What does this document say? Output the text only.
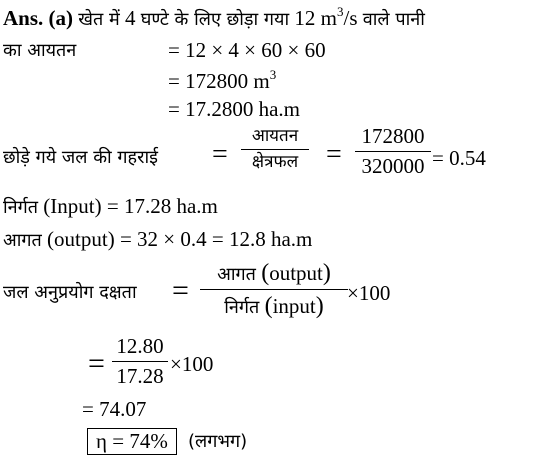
Ans. (a) खेत में 4 घण्टे के लिए छोड़ा गया 12 $m^3/s$ वाले पानी
का आयतन	= 12 × 4 × 60 × 60
= 172800 $m^3$
= 17.2800 ha.m
छोड़े गये जल की गहराई =
आयतन
क्षेत्रफल =
172800
320000 = 0.54
निर्गत (Input) = 17.28 ha.m
आगत (output) = 32 × 0.4 = 12.8 ha.m
जल अनुप्रयोग दक्षता =	आगत (output)
निर्गत (input)	×100
=
12.80
17.28 ×100
= 74.07
η = 74%	(लगभग)
